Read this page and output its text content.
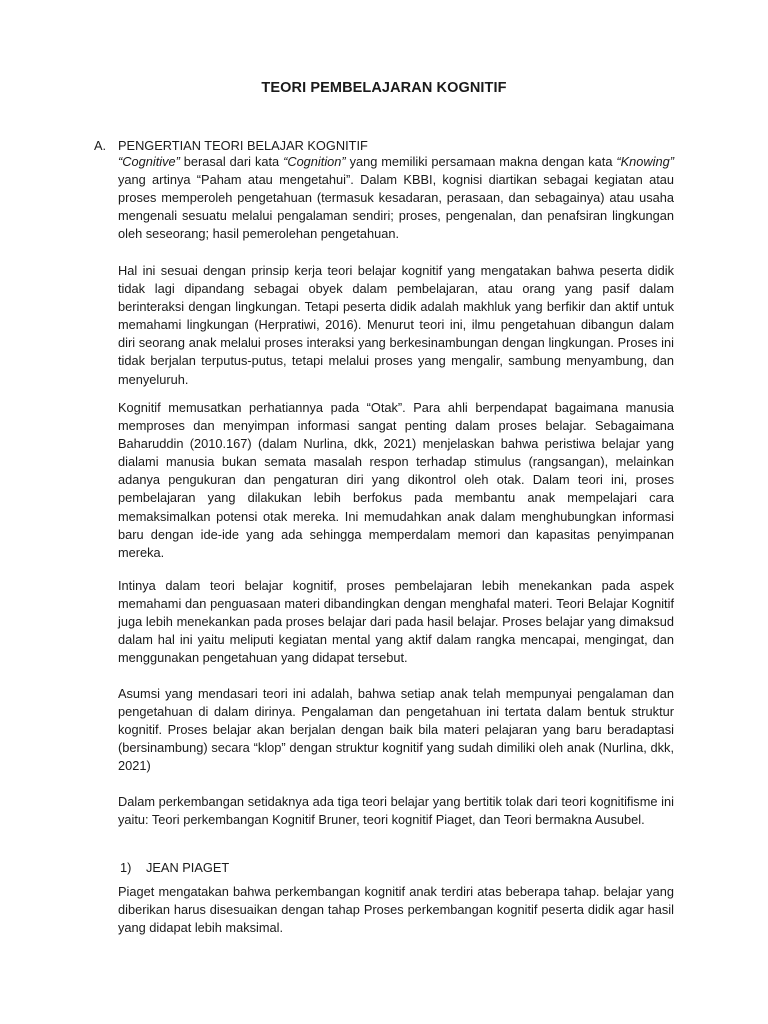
TEORI PEMBELAJARAN KOGNITIF
A. PENGERTIAN TEORI BELAJAR KOGNITIF
“Cognitive” berasal dari kata “Cognition” yang memiliki persamaan makna dengan kata “Knowing” yang artinya “Paham atau mengetahui”. Dalam KBBI, kognisi diartikan sebagai kegiatan atau proses memperoleh pengetahuan (termasuk kesadaran, perasaan, dan sebagainya) atau usaha mengenali sesuatu melalui pengalaman sendiri; proses, pengenalan, dan penafsiran lingkungan oleh seseorang; hasil pemerolehan pengetahuan.
Hal ini sesuai dengan prinsip kerja teori belajar kognitif yang mengatakan bahwa peserta didik tidak lagi dipandang sebagai obyek dalam pembelajaran, atau orang yang pasif dalam berinteraksi dengan lingkungan. Tetapi peserta didik adalah makhluk yang berfikir dan aktif untuk memahami lingkungan (Herpratiwi, 2016). Menurut teori ini, ilmu pengetahuan dibangun dalam diri seorang anak melalui proses interaksi yang berkesinambungan dengan lingkungan. Proses ini tidak berjalan terputus-putus, tetapi melalui proses yang mengalir, sambung menyambung, dan menyeluruh.
Kognitif memusatkan perhatiannya pada “Otak”. Para ahli berpendapat bagaimana manusia memproses dan menyimpan informasi sangat penting dalam proses belajar. Sebagaimana Baharuddin (2010.167) (dalam Nurlina, dkk, 2021) menjelaskan bahwa peristiwa belajar yang dialami manusia bukan semata masalah respon terhadap stimulus (rangsangan), melainkan adanya pengukuran dan pengaturan diri yang dikontrol oleh otak. Dalam teori ini, proses pembelajaran yang dilakukan lebih berfokus pada membantu anak mempelajari cara memaksimalkan potensi otak mereka. Ini memudahkan anak dalam menghubungkan informasi baru dengan ide-ide yang ada sehingga memperdalam memori dan kapasitas penyimpanan mereka.
Intinya dalam teori belajar kognitif, proses pembelajaran lebih menekankan pada aspek memahami dan penguasaan materi dibandingkan dengan menghafal materi. Teori Belajar Kognitif juga lebih menekankan pada proses belajar dari pada hasil belajar. Proses belajar yang dimaksud dalam hal ini yaitu meliputi kegiatan mental yang aktif dalam rangka mencapai, mengingat, dan menggunakan pengetahuan yang didapat tersebut.
Asumsi yang mendasari teori ini adalah, bahwa setiap anak telah mempunyai pengalaman dan pengetahuan di dalam dirinya. Pengalaman dan pengetahuan ini tertata dalam bentuk struktur kognitif. Proses belajar akan berjalan dengan baik bila materi pelajaran yang baru beradaptasi (bersinambung) secara “klop” dengan struktur kognitif yang sudah dimiliki oleh anak (Nurlina, dkk, 2021)
Dalam perkembangan setidaknya ada tiga teori belajar yang bertitik tolak dari teori kognitifisme ini yaitu: Teori perkembangan Kognitif Bruner, teori kognitif Piaget, dan Teori bermakna Ausubel.
1) JEAN PIAGET
Piaget mengatakan bahwa perkembangan kognitif anak terdiri atas beberapa tahap. belajar yang diberikan harus disesuaikan dengan tahap Proses perkembangan kognitif peserta didik agar hasil yang didapat lebih maksimal.
